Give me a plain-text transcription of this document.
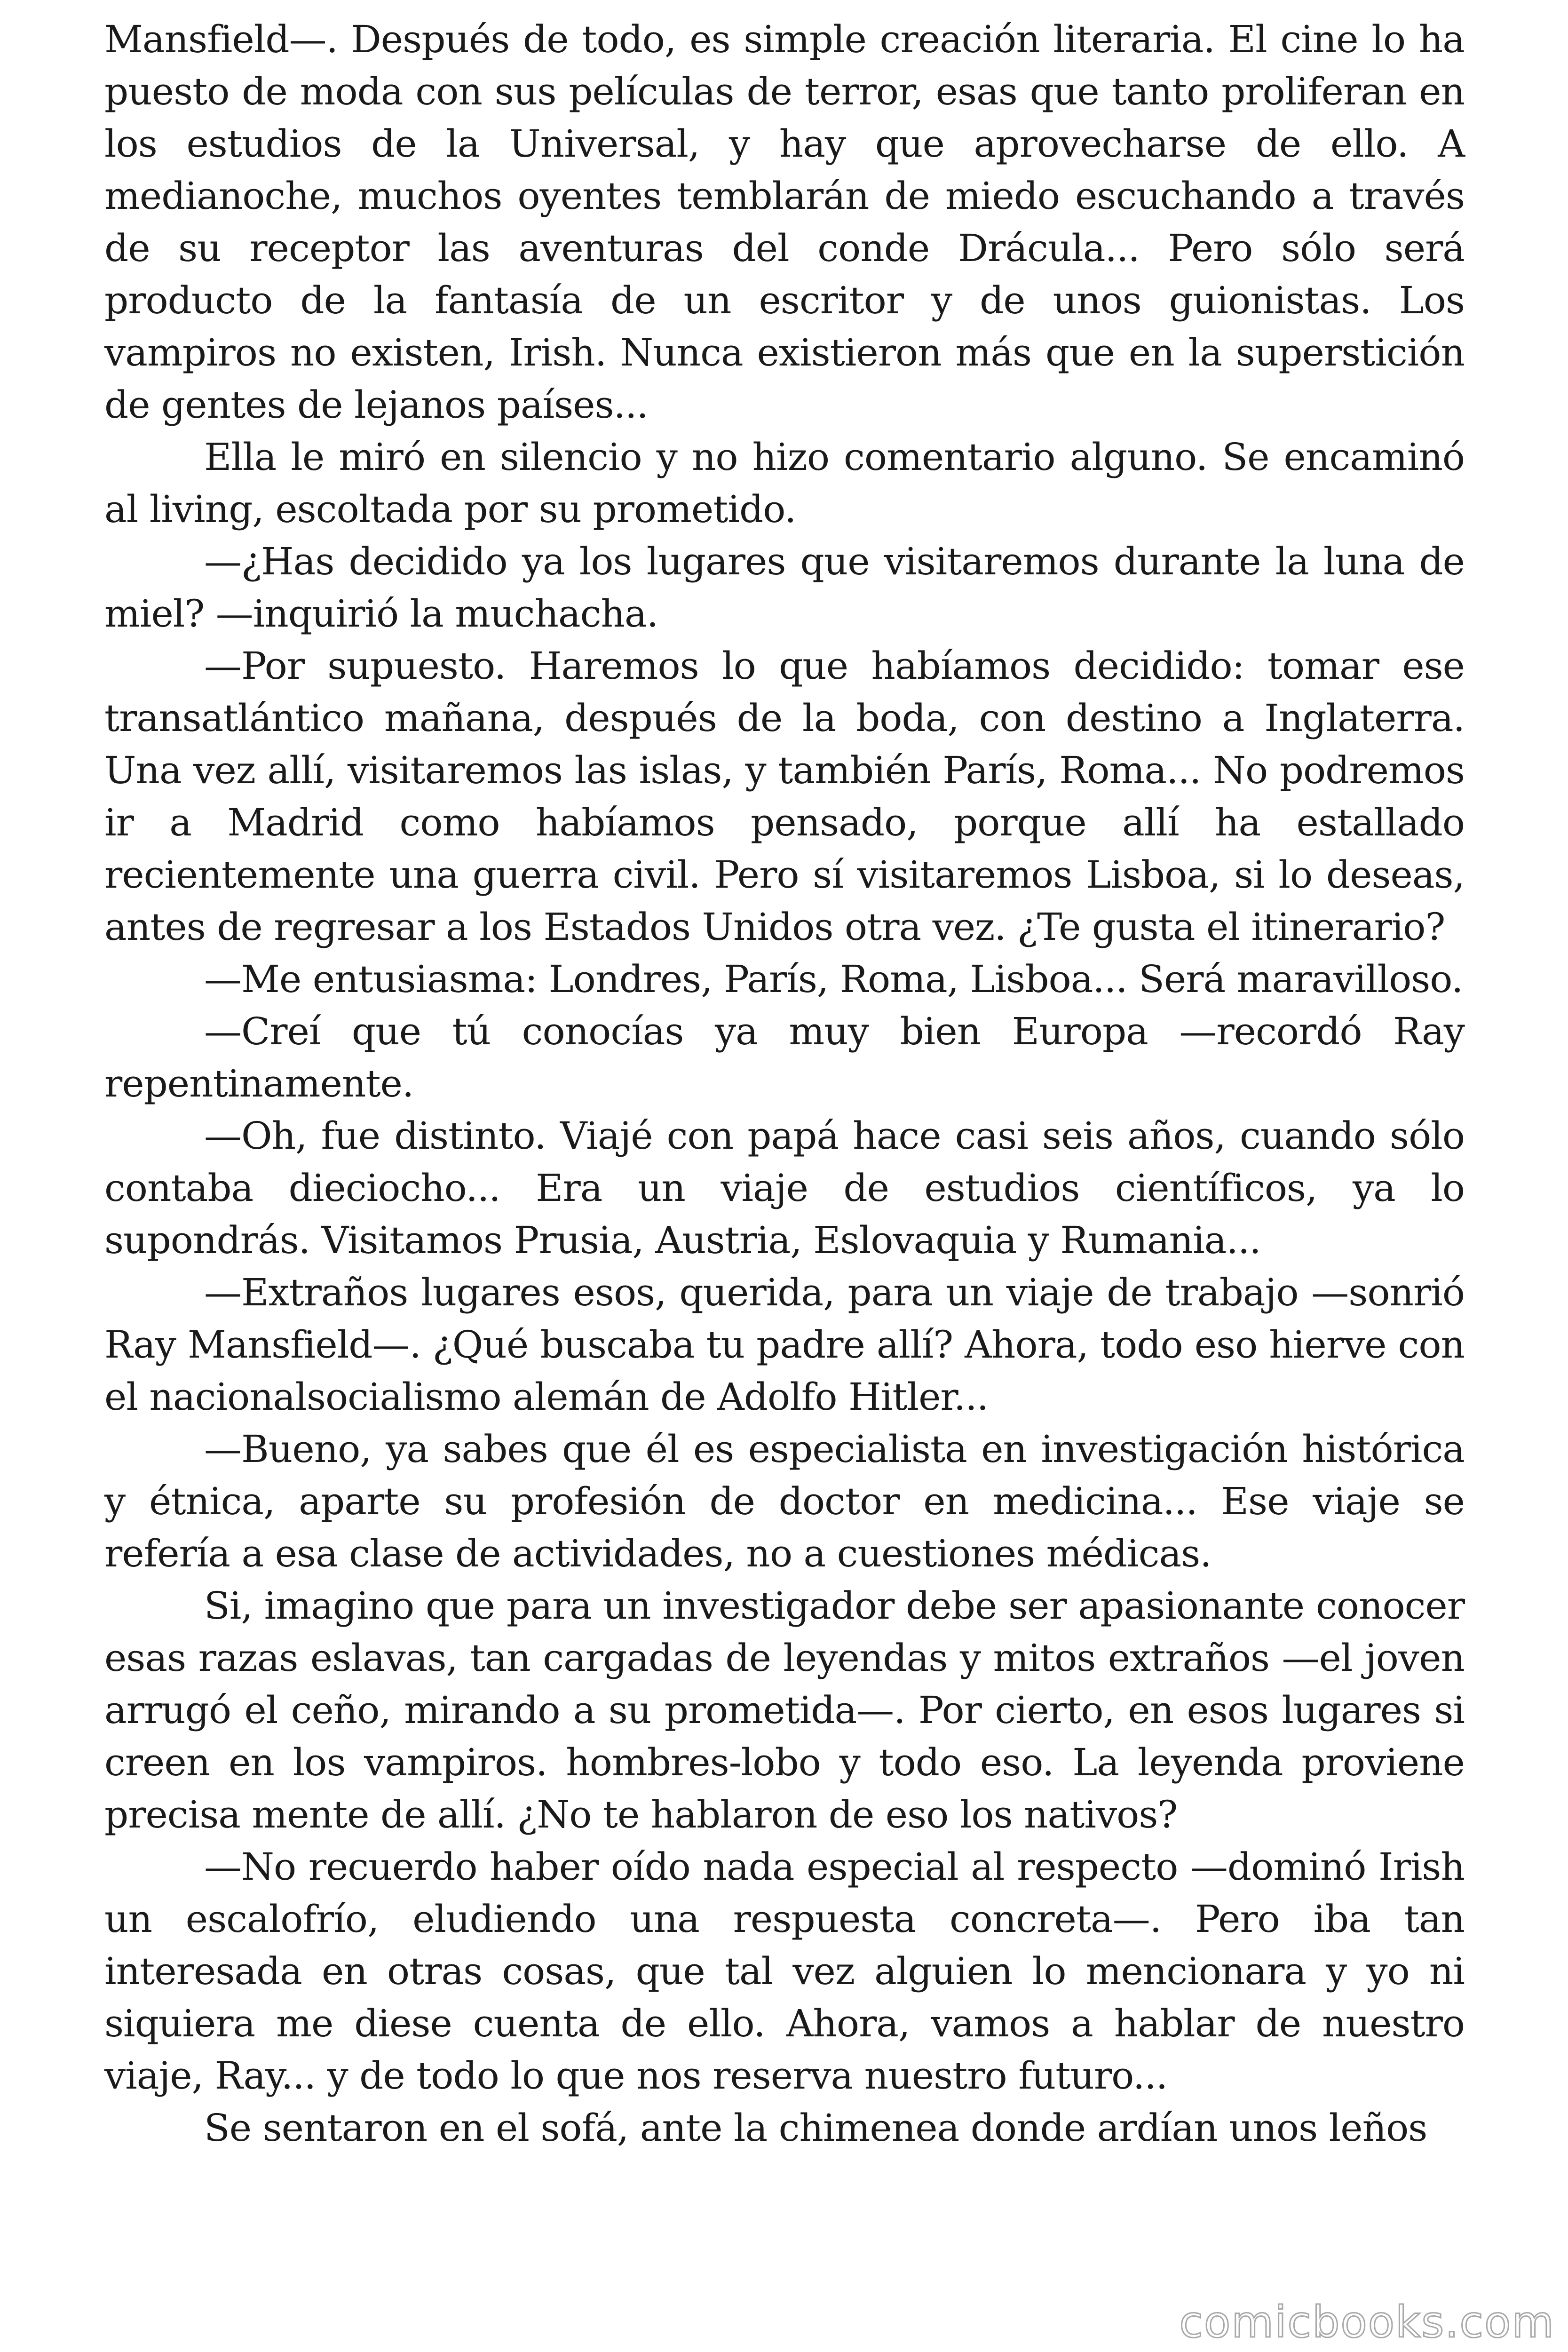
Mansfield—. Después de todo, es simple creación literaria. El cine lo ha puesto de moda con sus películas de terror, esas que tanto proliferan en los estudios de la Universal, y hay que aprovecharse de ello. A medianoche, muchos oyentes temblarán de miedo escuchando a través de su receptor las aventuras del conde Drácula... Pero sólo será producto de la fantasía de un escritor y de unos guionistas. Los vampiros no existen, Irish. Nunca existieron más que en la superstición de gentes de lejanos países...

Ella le miró en silencio y no hizo comentario alguno. Se encaminó al living, escoltada por su prometido.

—¿Has decidido ya los lugares que visitaremos durante la luna de miel? —inquirió la muchacha.

—Por supuesto. Haremos lo que habíamos decidido: tomar ese transatlántico mañana, después de la boda, con destino a Inglaterra. Una vez allí, visitaremos las islas, y también París, Roma... No podremos ir a Madrid como habíamos pensado, porque allí ha estallado recientemente una guerra civil. Pero sí visitaremos Lisboa, si lo deseas, antes de regresar a los Estados Unidos otra vez. ¿Te gusta el itinerario?

—Me entusiasma: Londres, París, Roma, Lisboa... Será maravilloso.

—Creí que tú conocías ya muy bien Europa —recordó Ray repentinamente.

—Oh, fue distinto. Viajé con papá hace casi seis años, cuando sólo contaba dieciocho... Era un viaje de estudios científicos, ya lo supondrás. Visitamos Prusia, Austria, Eslovaquia y Rumania...

—Extraños lugares esos, querida, para un viaje de trabajo —sonrió Ray Mansfield—. ¿Qué buscaba tu padre allí? Ahora, todo eso hierve con el nacionalsocialismo alemán de Adolfo Hitler...

—Bueno, ya sabes que él es especialista en investigación histórica y étnica, aparte su profesión de doctor en medicina... Ese viaje se refería a esa clase de actividades, no a cuestiones médicas.

Si, imagino que para un investigador debe ser apasionante conocer esas razas eslavas, tan cargadas de leyendas y mitos extraños —el joven arrugó el ceño, mirando a su prometida—. Por cierto, en esos lugares si creen en los vampiros. hombres-lobo y todo eso. La leyenda proviene precisa mente de allí. ¿No te hablaron de eso los nativos?

—No recuerdo haber oído nada especial al respecto —dominó Irish un escalofrío, eludiendo una respuesta concreta—. Pero iba tan interesada en otras cosas, que tal vez alguien lo mencionara y yo ni siquiera me diese cuenta de ello. Ahora, vamos a hablar de nuestro viaje, Ray... y de todo lo que nos reserva nuestro futuro...

Se sentaron en el sofá, ante la chimenea donde ardían unos leños

comicbooks.com
